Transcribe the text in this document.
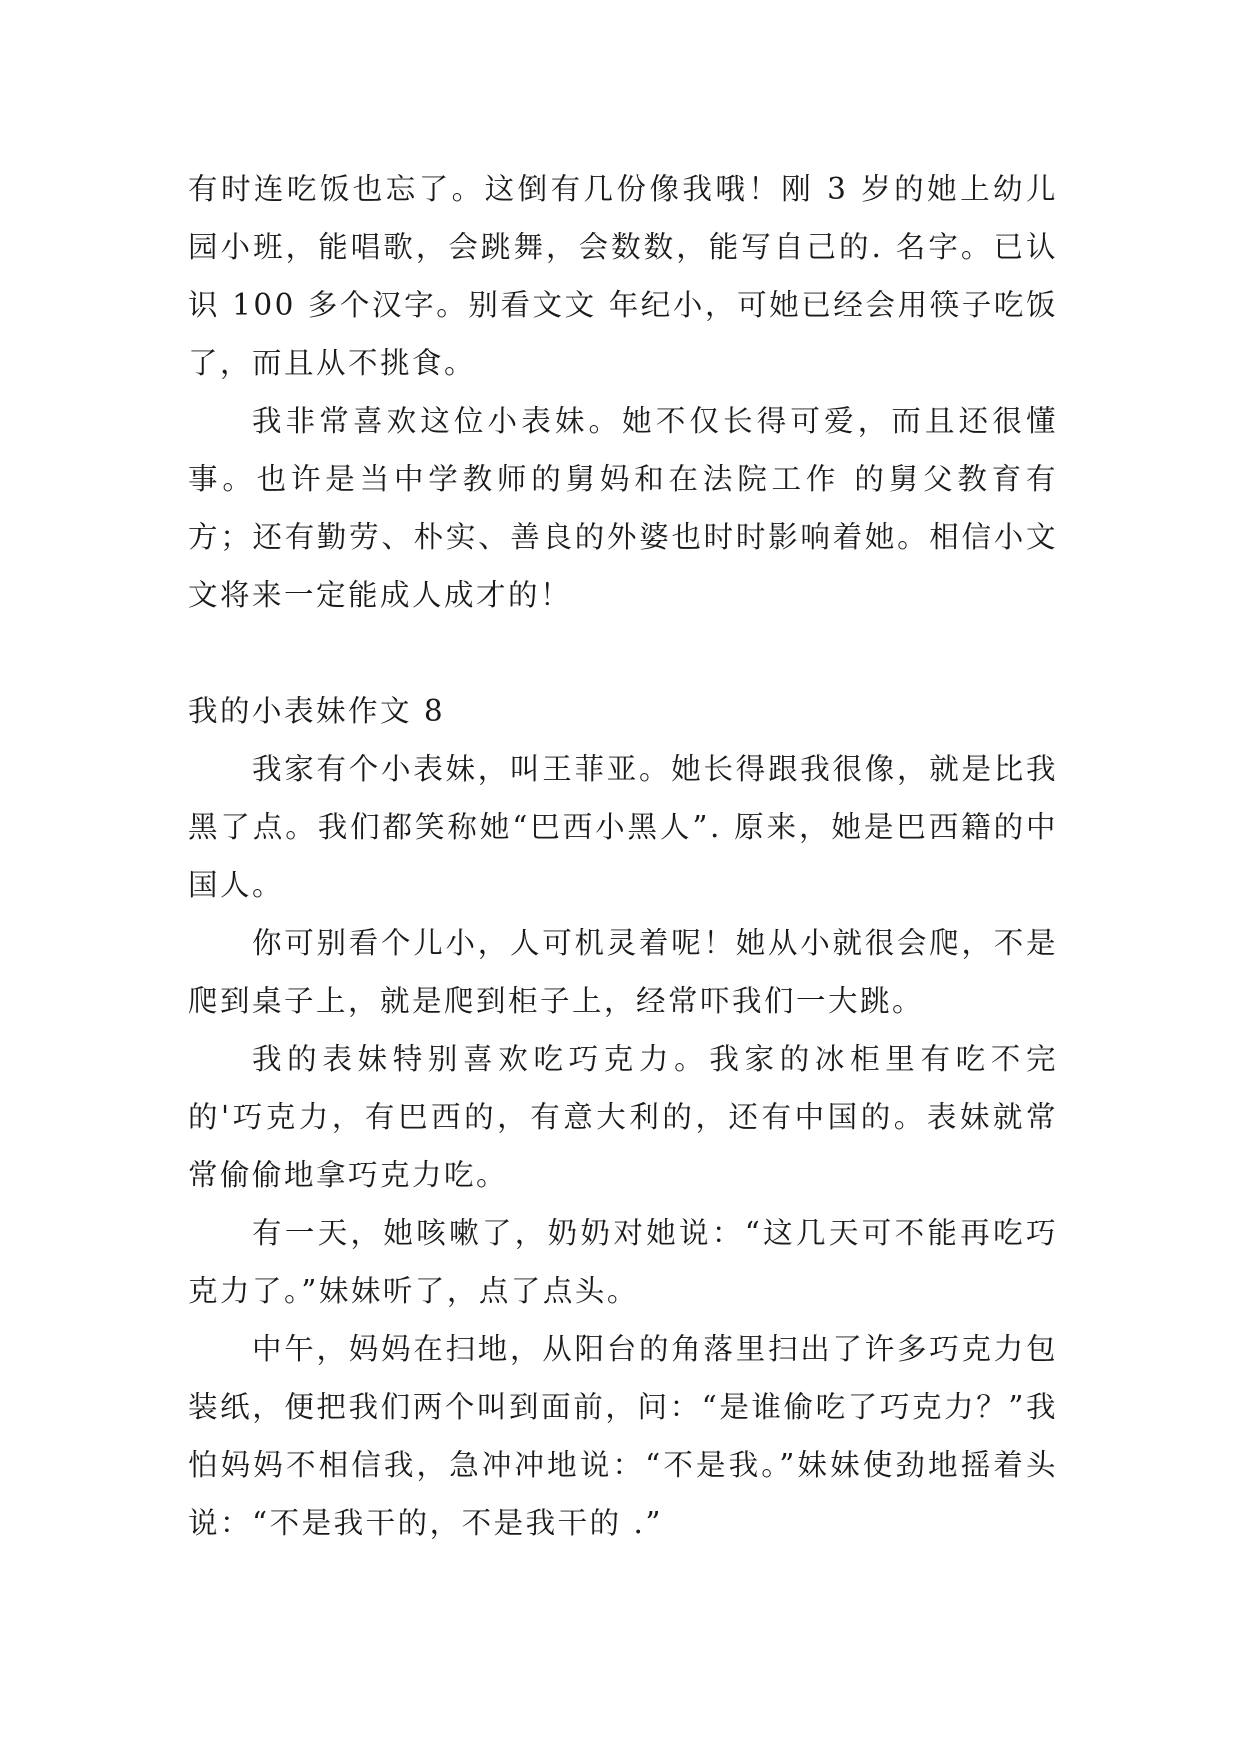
有时连吃饭也忘了。这倒有几份像我哦！刚 3 岁的她上幼儿园小班，能唱歌，会跳舞，会数数，能写自己的. 名字。已认识 100 多个汉字。别看文文 年纪小，可她已经会用筷子吃饭了，而且从不挑食。

我非常喜欢这位小表妹。她不仅长得可爱，而且还很懂事。也许是当中学教师的舅妈和在法院工作 的舅父教育有方；还有勤劳、朴实、善良的外婆也时时影响着她。相信小文文将来一定能成人成才的！

我的小表妹作文 8

我家有个小表妹，叫王菲亚。她长得跟我很像，就是比我黑了点。我们都笑称她“巴西小黑人”. 原来，她是巴西籍的中国人。

你可别看个儿小，人可机灵着呢！她从小就很会爬，不是爬到桌子上，就是爬到柜子上，经常吓我们一大跳。

我的表妹特别喜欢吃巧克力。我家的冰柜里有吃不完的'巧克力，有巴西的，有意大利的，还有中国的。表妹就常常偷偷地拿巧克力吃。

有一天，她咳嗽了，奶奶对她说：“这几天可不能再吃巧克力了。”妹妹听了，点了点头。

中午，妈妈在扫地，从阳台的角落里扫出了许多巧克力包装纸，便把我们两个叫到面前，问：“是谁偷吃了巧克力？”我怕妈妈不相信我，急冲冲地说：“不是我。”妹妹使劲地摇着头说：“不是我干的，不是我干的 .”
